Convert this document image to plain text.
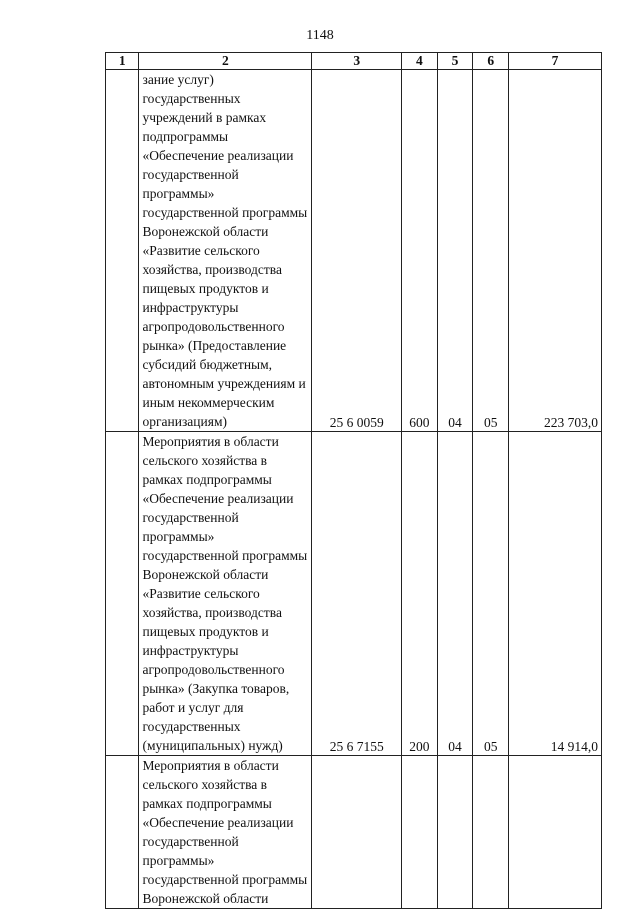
1148
1	2	3	4	5	6	7
	зание услуг) государственных учреждений в рамках подпрограммы «Обеспечение реализации государственной программы» государственной программы Воронежской области «Развитие сельского хозяйства, производства пищевых продуктов и инфраструктуры агропродовольственного рынка» (Предоставление субсидий бюджетным, автономным учреждениям и иным некоммерческим организациям)	25 6 0059	600	04	05	223 703,0
	Мероприятия в области сельского хозяйства в рамках подпрограммы «Обеспечение реализации государственной программы» государственной программы Воронежской области «Развитие сельского хозяйства, производства пищевых продуктов и инфраструктуры агропродовольственного рынка» (Закупка товаров, работ и услуг для государственных (муниципальных) нужд)	25 6 7155	200	04	05	14 914,0
	Мероприятия в области сельского хозяйства в рамках подпрограммы «Обеспечение реализации государственной программы» государственной программы Воронежской области					
